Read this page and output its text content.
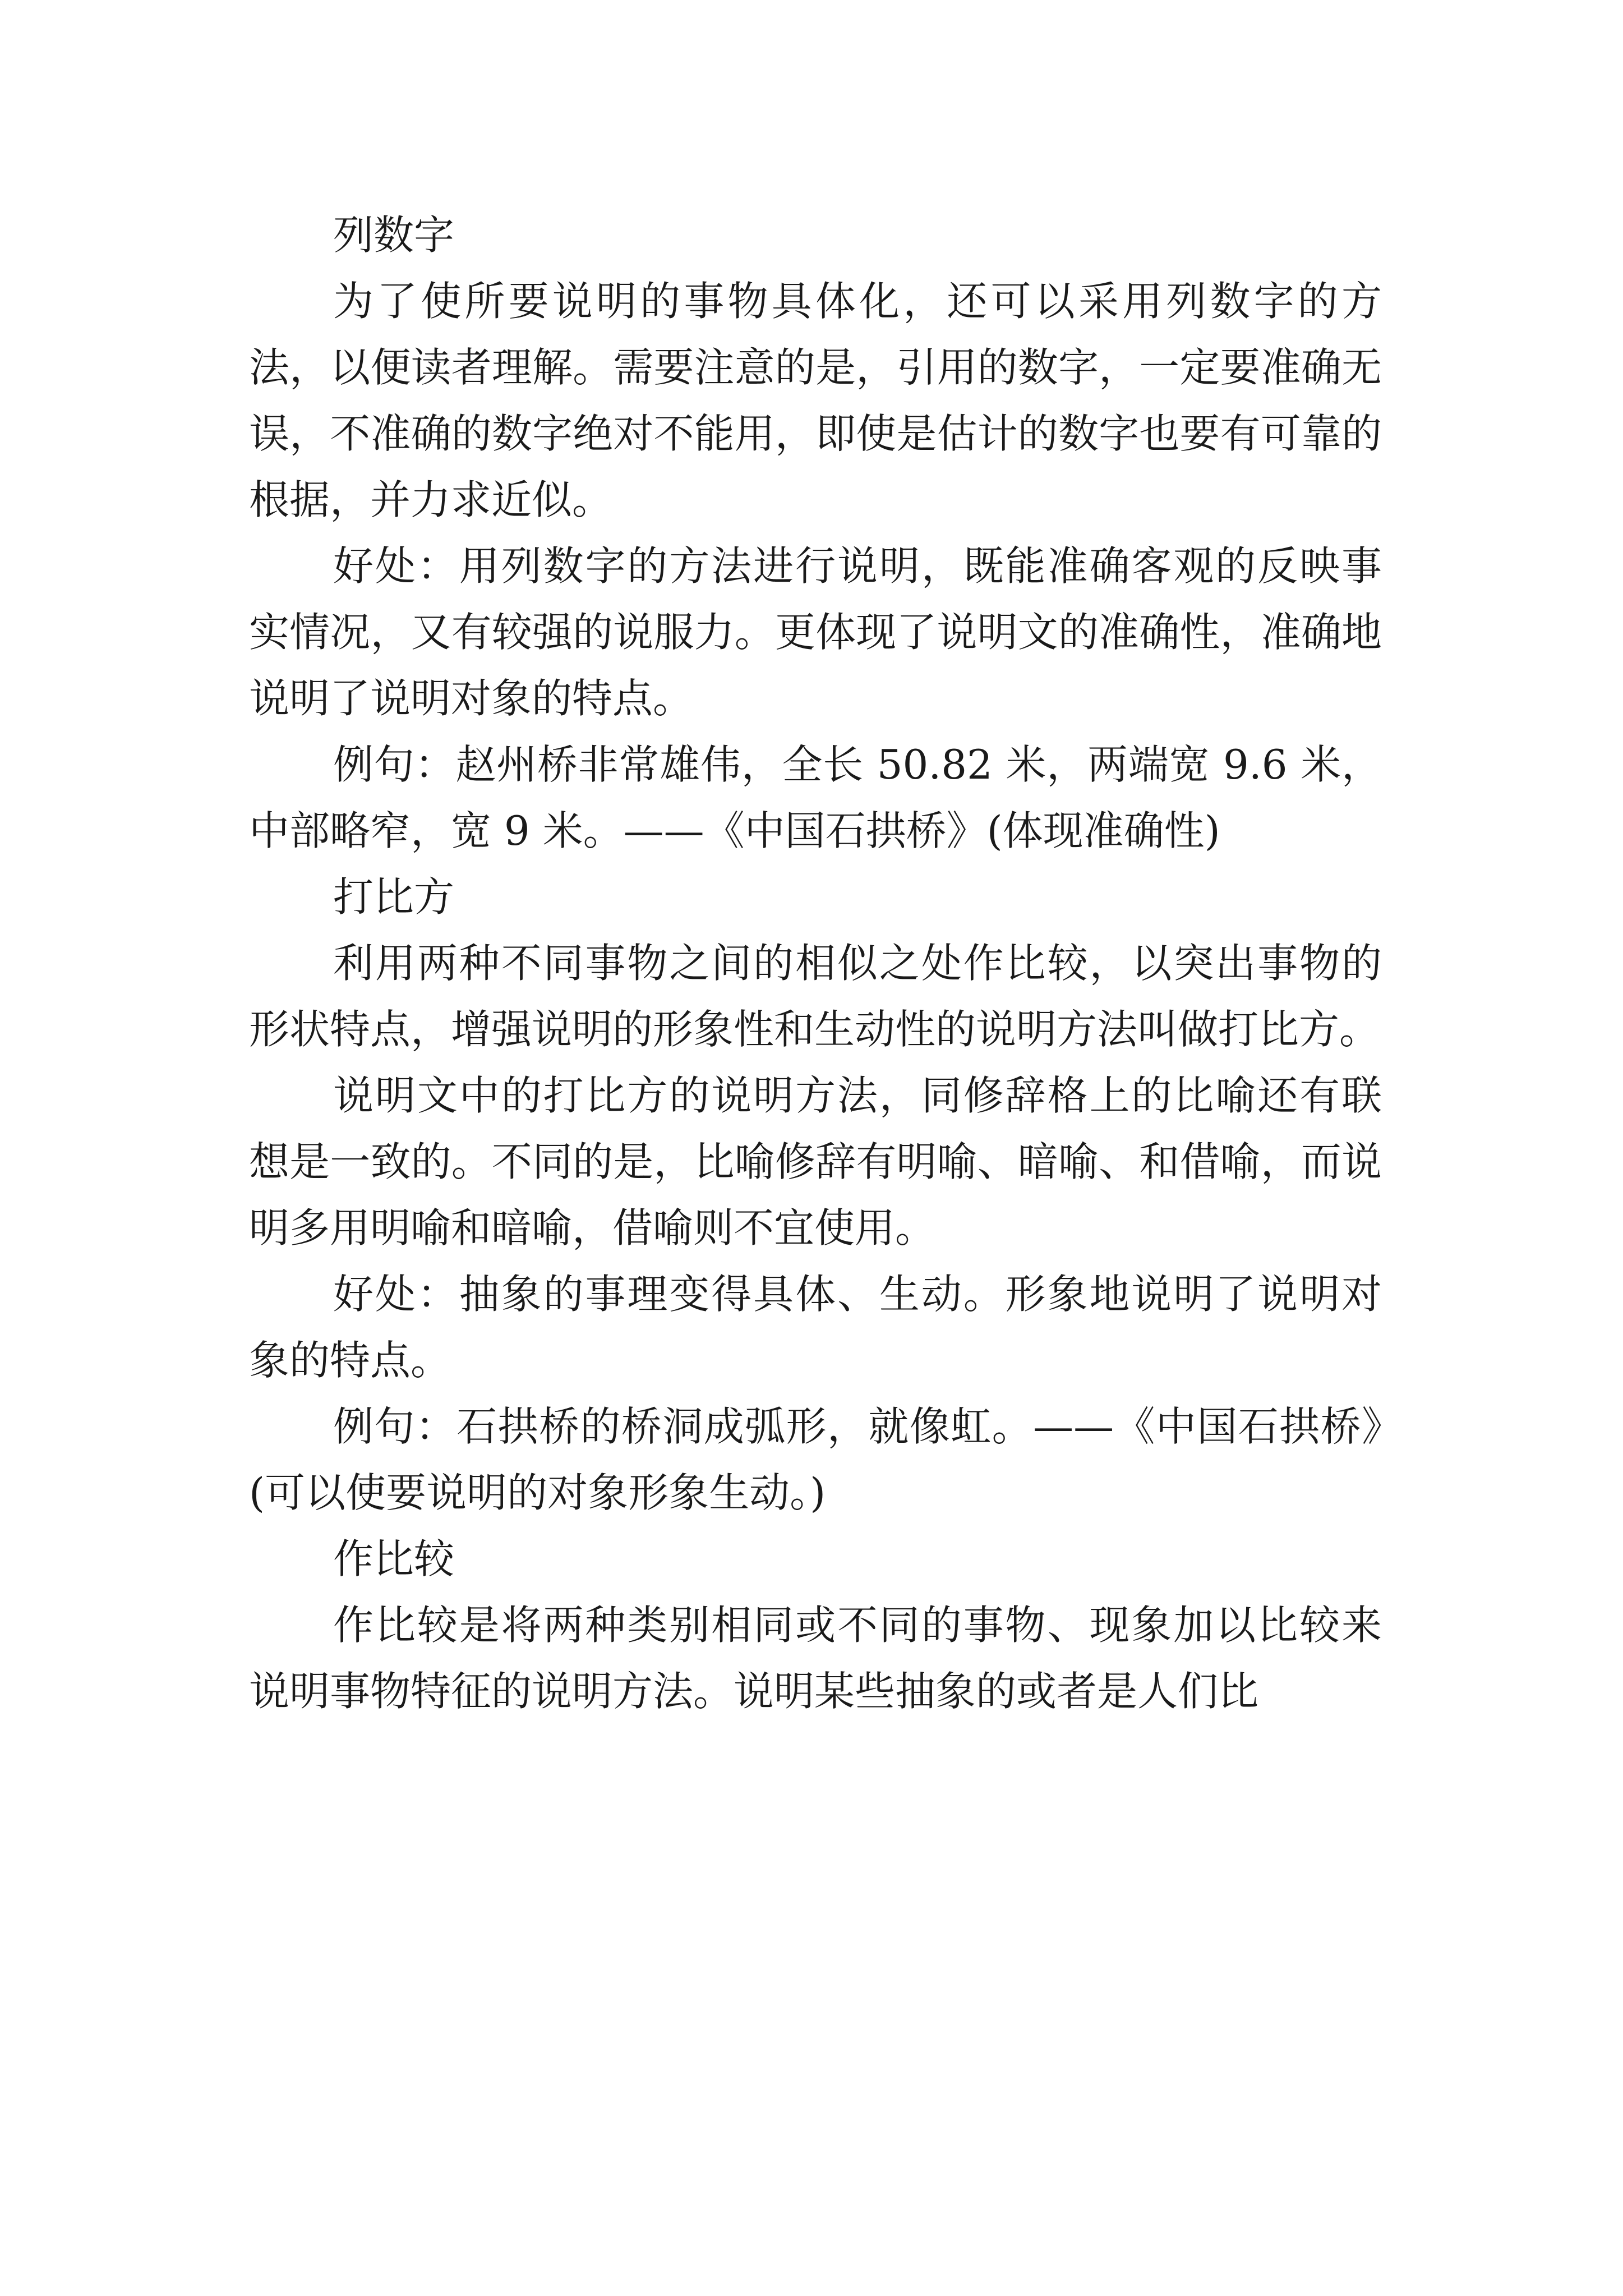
列数字

为了使所要说明的事物具体化，还可以采用列数字的方法，以便读者理解。需要注意的是，引用的数字，一定要准确无误，不准确的数字绝对不能用，即使是估计的数字也要有可靠的根据，并力求近似。

好处：用列数字的方法进行说明，既能准确客观的反映事实情况，又有较强的说服力。更体现了说明文的准确性，准确地说明了说明对象的特点。

例句：赵州桥非常雄伟，全长 50.82 米，两端宽 9.6 米，中部略窄，宽 9 米。——《中国石拱桥》(体现准确性)

打比方

利用两种不同事物之间的相似之处作比较，以突出事物的形状特点，增强说明的形象性和生动性的说明方法叫做打比方。

说明文中的打比方的说明方法，同修辞格上的比喻还有联想是一致的。不同的是，比喻修辞有明喻、暗喻、和借喻，而说明多用明喻和暗喻，借喻则不宜使用。

好处：抽象的事理变得具体、生动。形象地说明了说明对象的特点。

例句：石拱桥的桥洞成弧形，就像虹。——《中国石拱桥》(可以使要说明的对象形象生动。)

作比较

作比较是将两种类别相同或不同的事物、现象加以比较来说明事物特征的说明方法。说明某些抽象的或者是人们比
